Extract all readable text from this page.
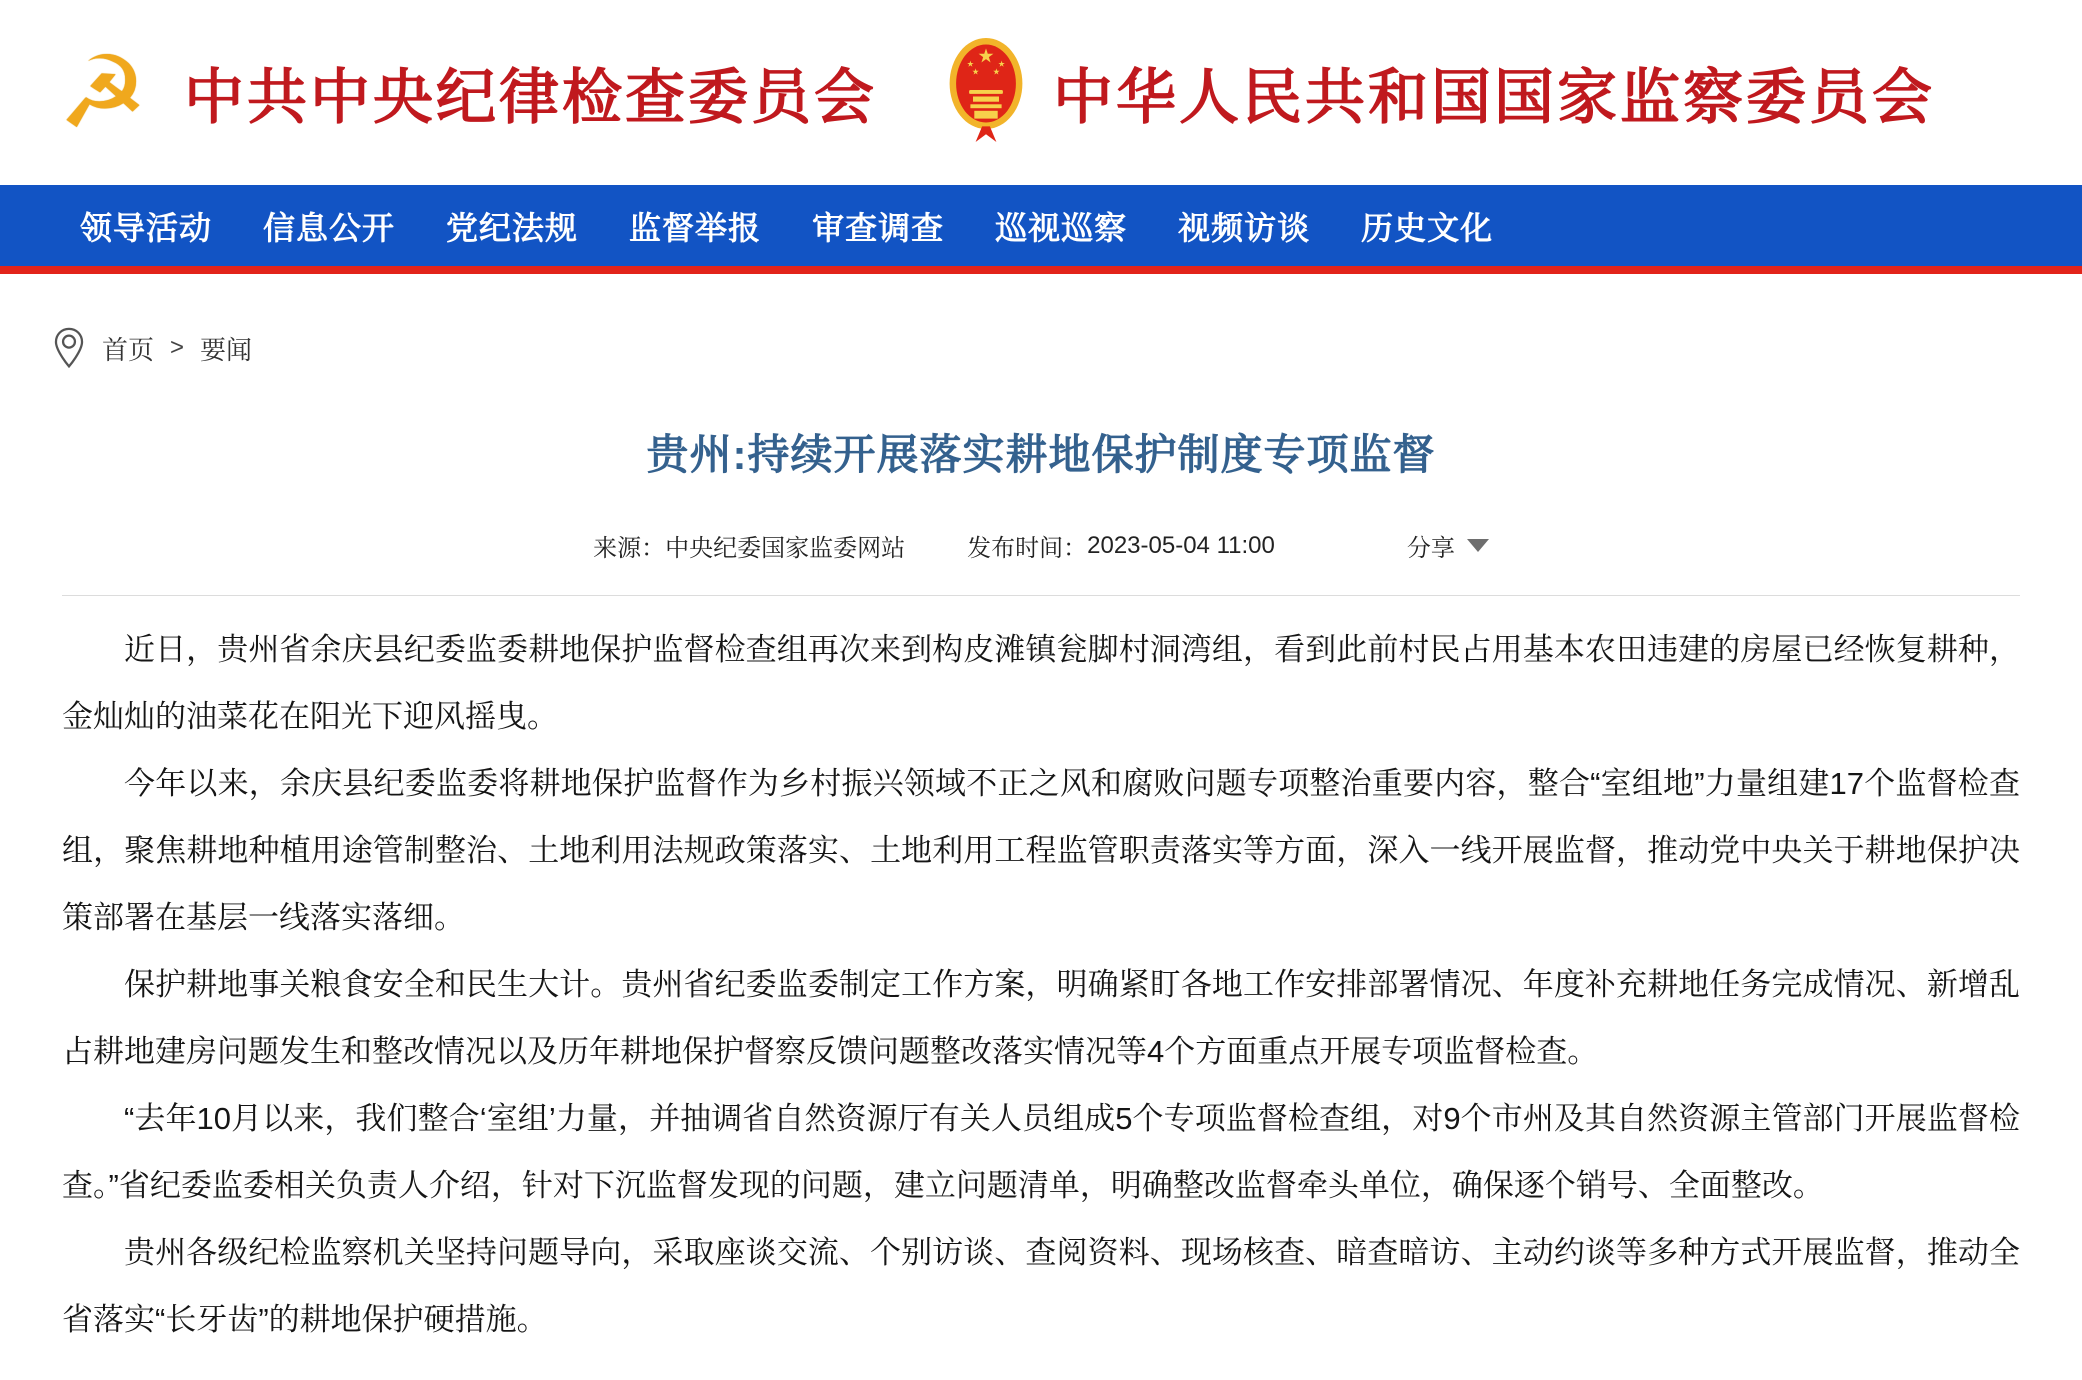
☭ 中共中央纪律检查委员会	中华人民共和国国家监察委员会
领导活动 信息公开 党纪法规 监督举报 审查调查 巡视巡察 视频访谈 历史文化
首页 > 要闻
贵州:持续开展落实耕地保护制度专项监督
来源： 中央纪委国家监委网站	发布时间： 2023-05-04 11:00	分享

近日，贵州省余庆县纪委监委耕地保护监督检查组再次来到构皮滩镇瓮脚村洞湾组，看到此前村民占用基本农田违建的房屋已经恢复耕种，金灿灿的油菜花在阳光下迎风摇曳。

今年以来，余庆县纪委监委将耕地保护监督作为乡村振兴领域不正之风和腐败问题专项整治重要内容，整合“室组地”力量组建17个监督检查组，聚焦耕地种植用途管制整治、土地利用法规政策落实、土地利用工程监管职责落实等方面，深入一线开展监督，推动党中央关于耕地保护决策部署在基层一线落实落细。

保护耕地事关粮食安全和民生大计。贵州省纪委监委制定工作方案，明确紧盯各地工作安排部署情况、年度补充耕地任务完成情况、新增乱占耕地建房问题发生和整改情况以及历年耕地保护督察反馈问题整改落实情况等4个方面重点开展专项监督检查。

“去年10月以来，我们整合‘室组’力量，并抽调省自然资源厅有关人员组成5个专项监督检查组，对9个市州及其自然资源主管部门开展监督检查。”省纪委监委相关负责人介绍，针对下沉监督发现的问题，建立问题清单，明确整改监督牵头单位，确保逐个销号、全面整改。

贵州各级纪检监察机关坚持问题导向，采取座谈交流、个别访谈、查阅资料、现场核查、暗查暗访、主动约谈等多种方式开展监督，推动全省落实“长牙齿”的耕地保护硬措施。
